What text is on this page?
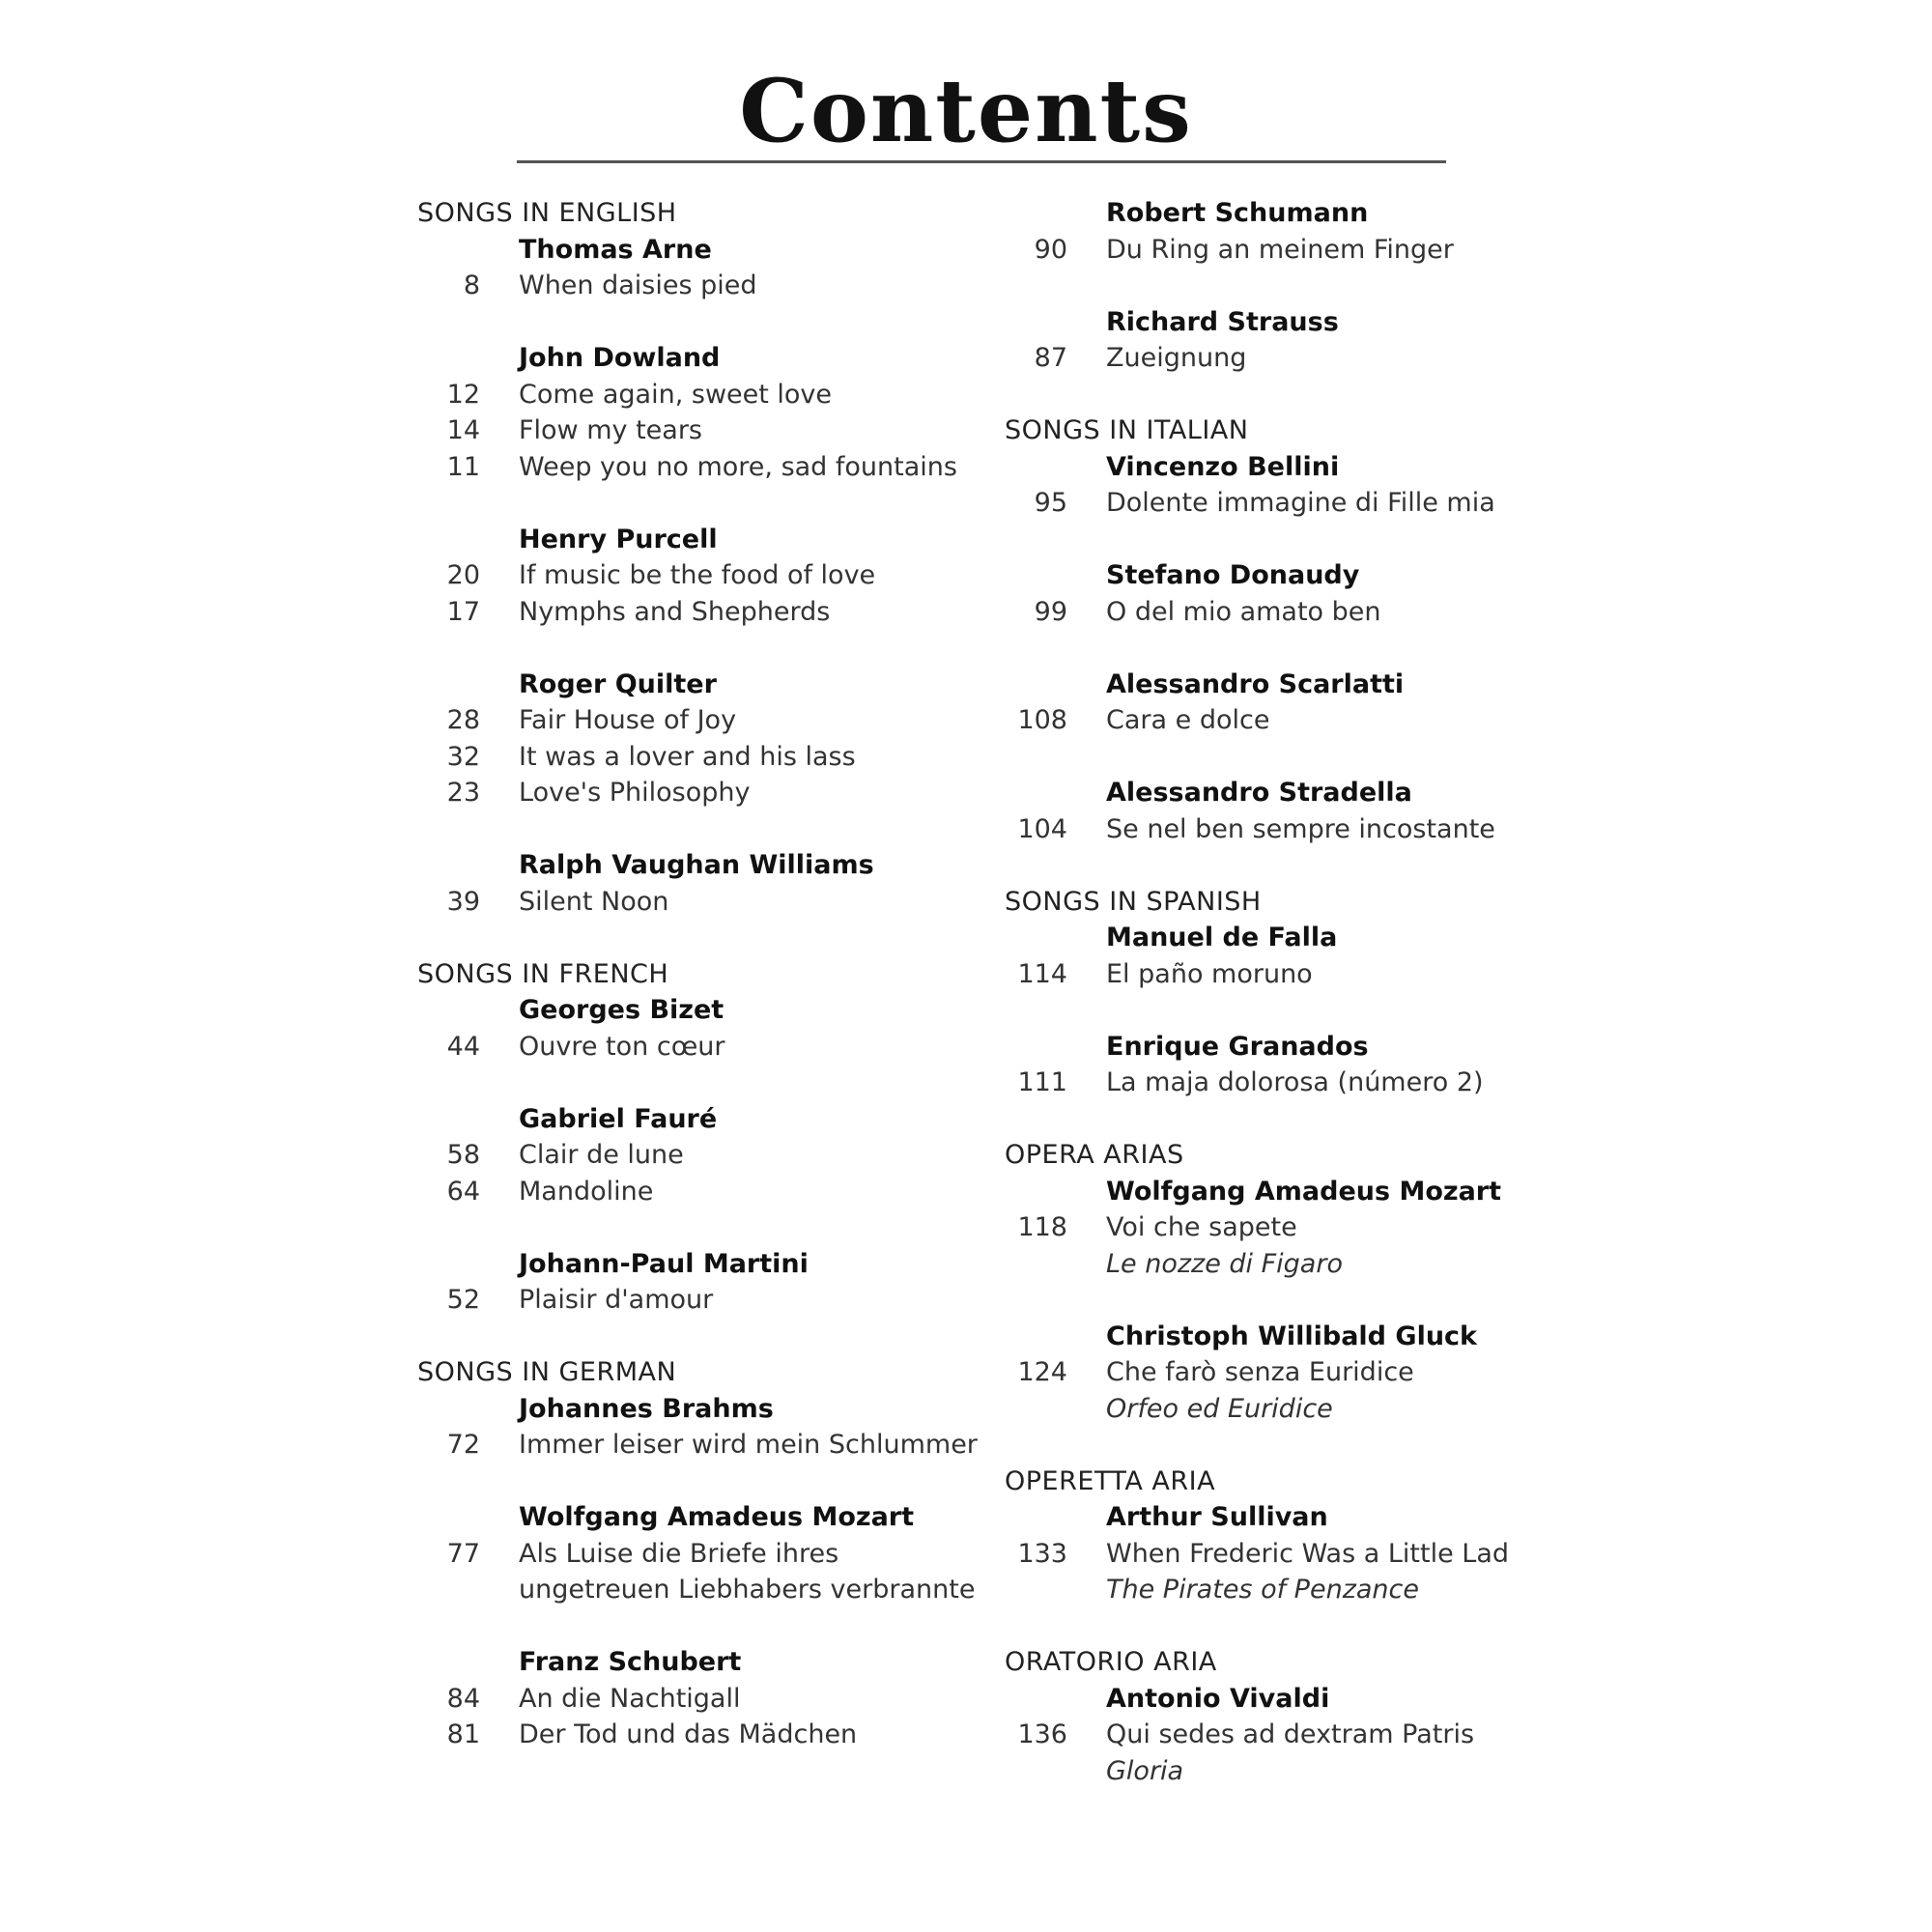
Contents
SONGS IN ENGLISH
Thomas Arne
8 When daisies pied
John Dowland
12 Come again, sweet love
14 Flow my tears
11 Weep you no more, sad fountains
Henry Purcell
20 If music be the food of love
17 Nymphs and Shepherds
Roger Quilter
28 Fair House of Joy
32 It was a lover and his lass
23 Love's Philosophy
Ralph Vaughan Williams
39 Silent Noon
SONGS IN FRENCH
Georges Bizet
44 Ouvre ton cœur
Gabriel Fauré
58 Clair de lune
64 Mandoline
Johann-Paul Martini
52 Plaisir d'amour
SONGS IN GERMAN
Johannes Brahms
72 Immer leiser wird mein Schlummer
Wolfgang Amadeus Mozart
77 Als Luise die Briefe ihres
ungetreuen Liebhabers verbrannte
Franz Schubert
84 An die Nachtigall
81 Der Tod und das Mädchen
Robert Schumann
90 Du Ring an meinem Finger
Richard Strauss
87 Zueignung
SONGS IN ITALIAN
Vincenzo Bellini
95 Dolente immagine di Fille mia
Stefano Donaudy
99 O del mio amato ben
Alessandro Scarlatti
108 Cara e dolce
Alessandro Stradella
104 Se nel ben sempre incostante
SONGS IN SPANISH
Manuel de Falla
114 El paño moruno
Enrique Granados
111 La maja dolorosa (número 2)
OPERA ARIAS
Wolfgang Amadeus Mozart
118 Voi che sapete
Le nozze di Figaro
Christoph Willibald Gluck
124 Che farò senza Euridice
Orfeo ed Euridice
OPERETTA ARIA
Arthur Sullivan
133 When Frederic Was a Little Lad
The Pirates of Penzance
ORATORIO ARIA
Antonio Vivaldi
136 Qui sedes ad dextram Patris
Gloria
